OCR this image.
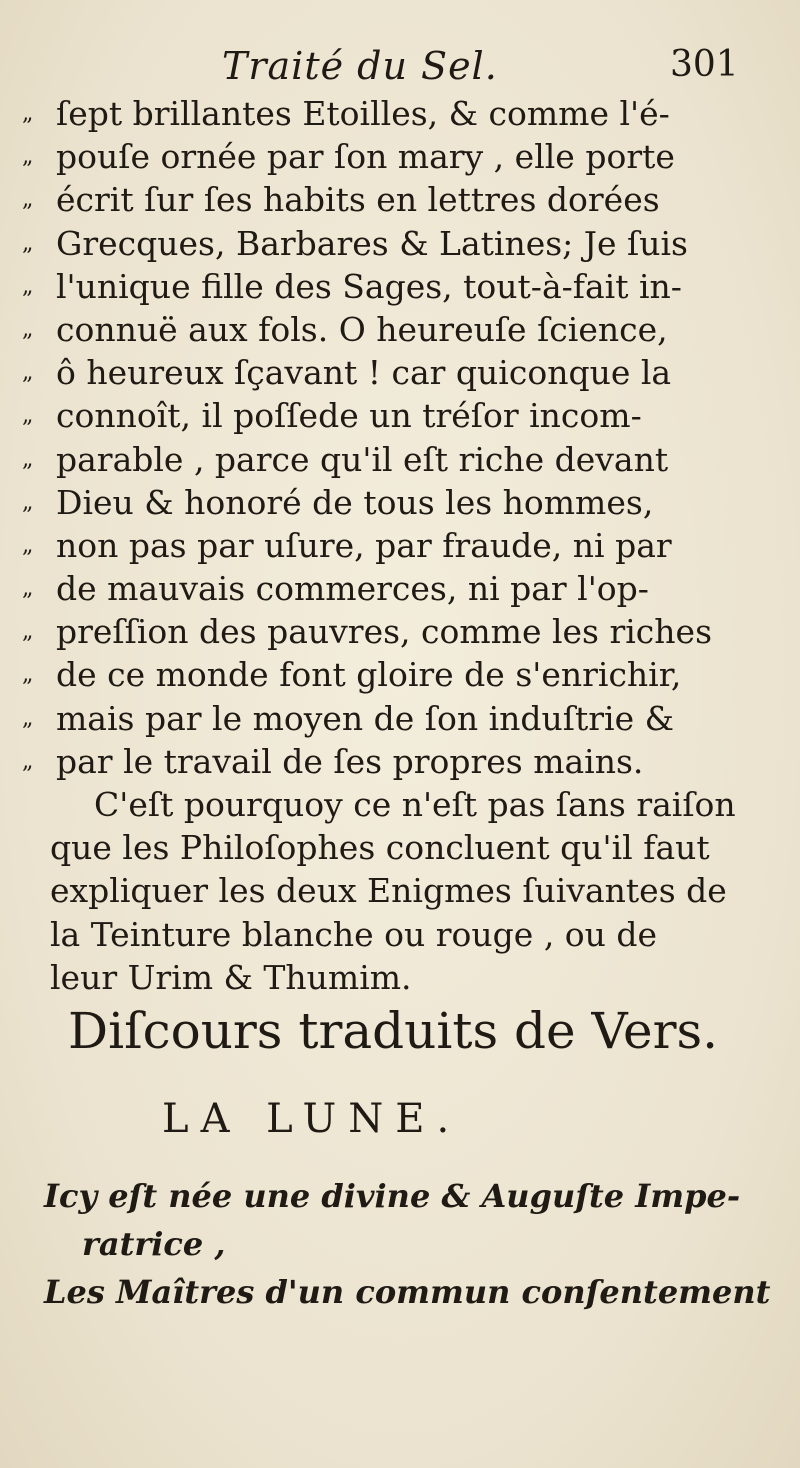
Traité du Sel.	301
„ ſept brillantes Etoilles, & comme l'é-
„ pouſe ornée par ſon mary , elle porte
„ écrit ſur ſes habits en lettres dorées
„ Grecques, Barbares & Latines; Je ſuis
„ l'unique fille des Sages, tout-à-fait in-
„ connuë aux fols. O heureuſe ſcience,
„ ô heureux ſçavant ! car quiconque la
„ connoît, il poſſede un tréſor incom-
„ parable , parce qu'il eſt riche devant
„ Dieu & honoré de tous les hommes,
„ non pas par uſure, par fraude, ni par
„ de mauvais commerces, ni par l'op-
„ preſſion des pauvres, comme les riches
„ de ce monde font gloire de s'enrichir,
„ mais par le moyen de ſon induſtrie &
„ par le travail de ſes propres mains.
C'eſt pourquoy ce n'eſt pas ſans raiſon
que les Philoſophes concluent qu'il faut
expliquer les deux Enigmes ſuivantes de
la Teinture blanche ou rouge , ou de
leur Urim & Thumim.
Diſcours traduits de Vers.
LA LUNE.
Icy eſt née une divine & Auguſte Impe-
ratrice ,
Les Maîtres d'un commun conſentement
